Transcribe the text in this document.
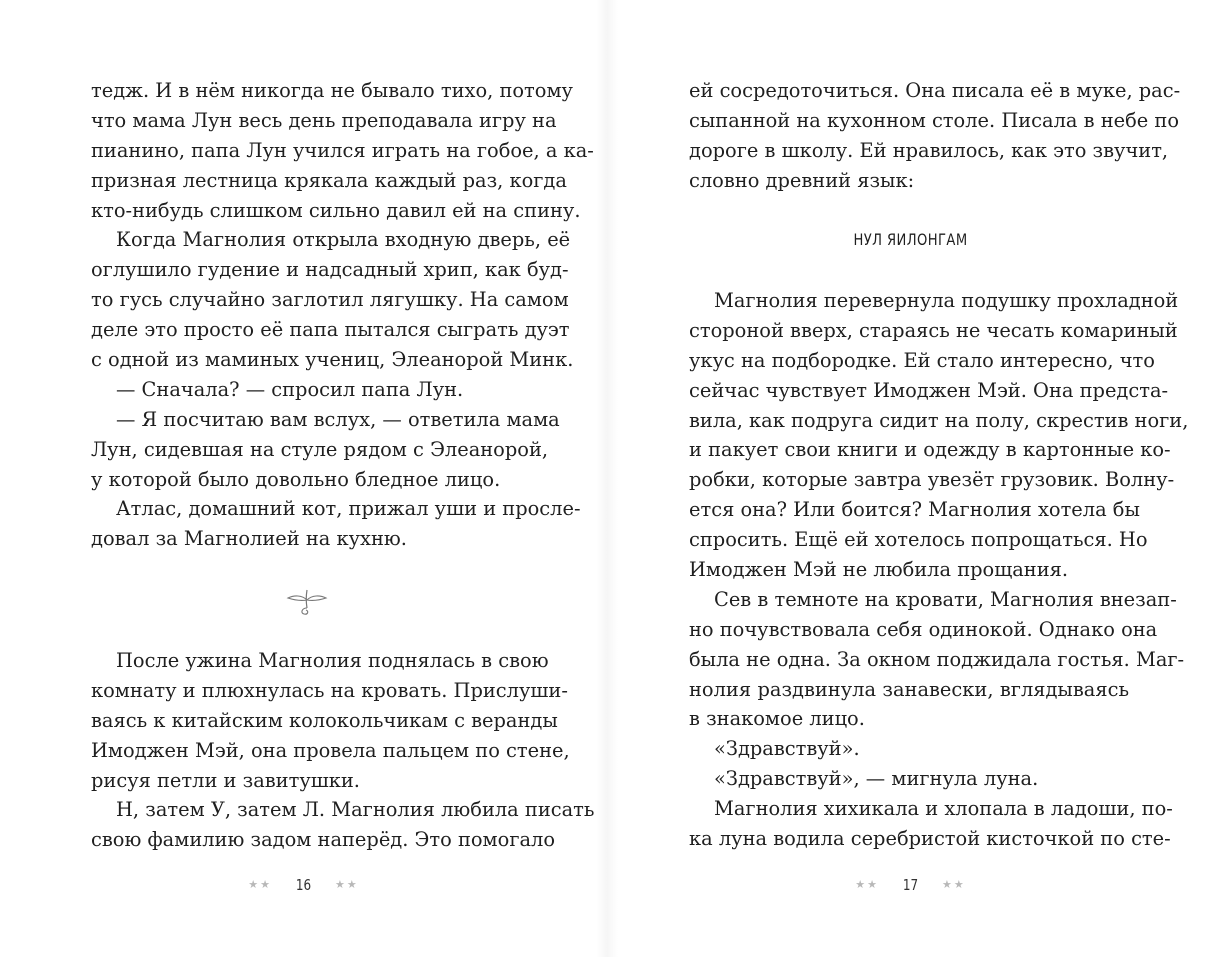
тедж. И в нём никогда не бывало тихо, потому
что мама Лун весь день преподавала игру на
пианино, папа Лун учился играть на гобое, а ка-
призная лестница крякала каждый раз, когда
кто-нибудь слишком сильно давил ей на спину.
Когда Магнолия открыла входную дверь, её
оглушило гудение и надсадный хрип, как буд-
то гусь случайно заглотил лягушку. На самом
деле это просто её папа пытался сыграть дуэт
с одной из маминых учениц, Элеанорой Минк.
— Сначала? — спросил папа Лун.
— Я посчитаю вам вслух, — ответила мама
Лун, сидевшая на стуле рядом с Элеанорой,
у которой было довольно бледное лицо.
Атлас, домашний кот, прижал уши и просле-
довал за Магнолией на кухню.
После ужина Магнолия поднялась в свою
комнату и плюхнулась на кровать. Прислуши-
ваясь к китайским колокольчикам с веранды
Имоджен Мэй, она провела пальцем по стене,
рисуя петли и завитушки.
Н, затем У, затем Л. Магнолия любила писать
свою фамилию задом наперёд. Это помогало
★★ 16 ★★
ей сосредоточиться. Она писала её в муке, рас-
сыпанной на кухонном столе. Писала в небе по
дороге в школу. Ей нравилось, как это звучит,
словно древний язык:
НУЛ ЯИЛОНГАМ
Магнолия перевернула подушку прохладной
стороной вверх, стараясь не чесать комариный
укус на подбородке. Ей стало интересно, что
сейчас чувствует Имоджен Мэй. Она предста-
вила, как подруга сидит на полу, скрестив ноги,
и пакует свои книги и одежду в картонные ко-
робки, которые завтра увезёт грузовик. Волну-
ется она? Или боится? Магнолия хотела бы
спросить. Ещё ей хотелось попрощаться. Но
Имоджен Мэй не любила прощания.
Сев в темноте на кровати, Магнолия внезап-
но почувствовала себя одинокой. Однако она
была не одна. За окном поджидала гостья. Маг-
нолия раздвинула занавески, вглядываясь
в знакомое лицо.
«Здравствуй».
«Здравствуй», — мигнула луна.
Магнолия хихикала и хлопала в ладоши, по-
ка луна водила серебристой кисточкой по сте-
★★ 17 ★★
